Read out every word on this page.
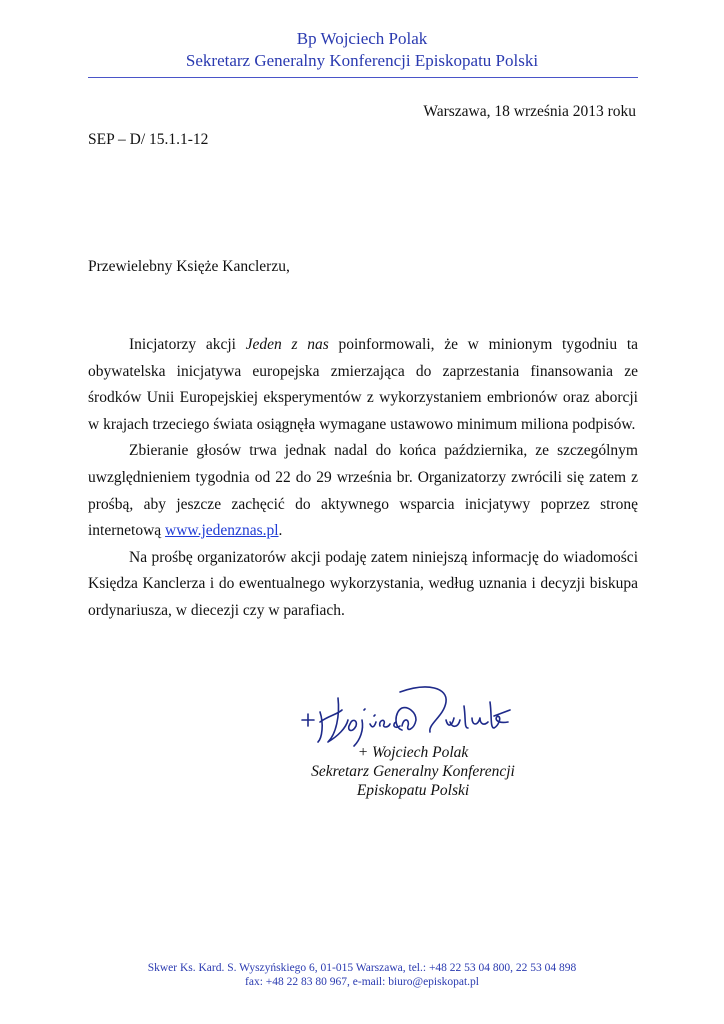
Bp Wojciech Polak
Sekretarz Generalny Konferencji Episkopatu Polski
Warszawa, 18 września 2013 roku
SEP – D/ 15.1.1-12
Przewielebny Księże Kanclerzu,

Inicjatorzy akcji Jeden z nas poinformowali, że w minionym tygodniu ta obywatelska inicjatywa europejska zmierzająca do zaprzestania finansowania ze środków Unii Europejskiej eksperymentów z wykorzystaniem embrionów oraz aborcji w krajach trzeciego świata osiągnęła wymagane ustawowo minimum miliona podpisów.

Zbieranie głosów trwa jednak nadal do końca października, ze szczególnym uwzględnieniem tygodnia od 22 do 29 września br. Organizatorzy zwrócili się zatem z prośbą, aby jeszcze zachęcić do aktywnego wsparcia inicjatywy poprzez stronę internetową www.jedenznas.pl.

Na prośbę organizatorów akcji podaję zatem niniejszą informację do wiadomości Księdza Kanclerza i do ewentualnego wykorzystania, według uznania i decyzji biskupa ordynariusza, w diecezji czy w parafiach.

+ Wojciech Polak
Sekretarz Generalny Konferencji
Episkopatu Polski
Skwer Ks. Kard. S. Wyszyńskiego 6, 01-015 Warszawa, tel.: +48 22 53 04 800, 22 53 04 898
fax: +48 22 83 80 967, e-mail: biuro@episkopat.pl
